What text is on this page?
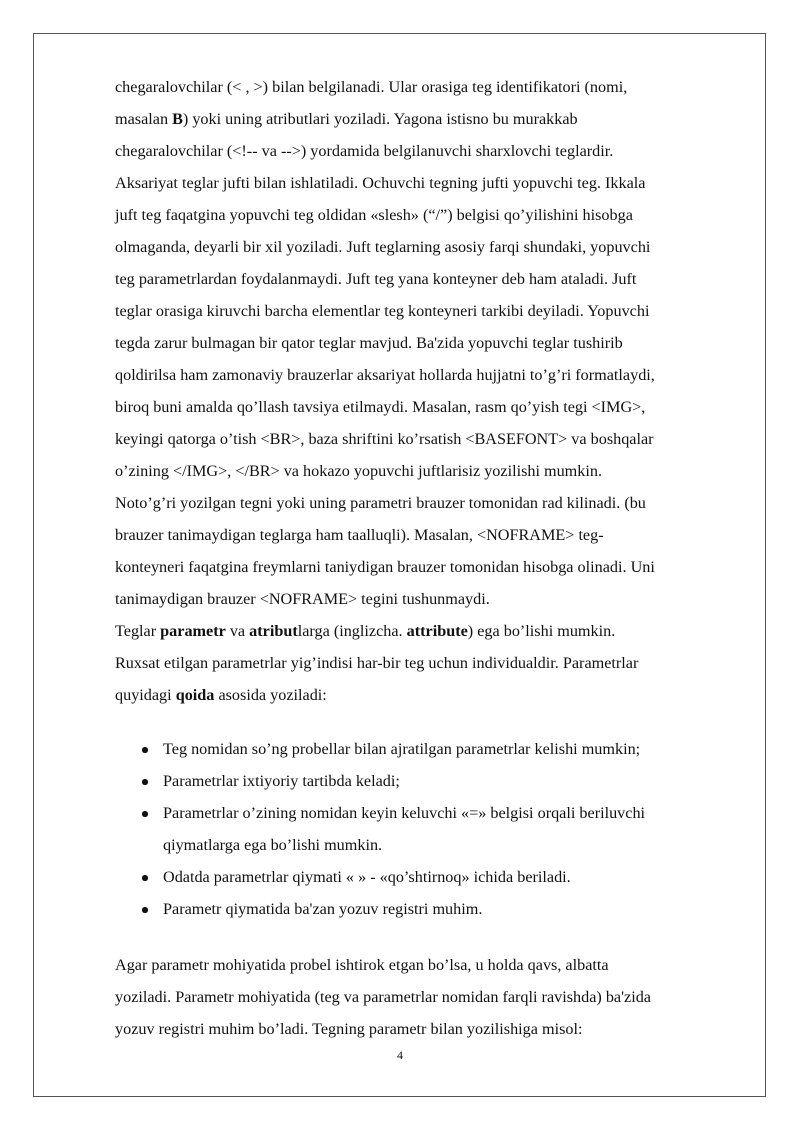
chegaralovchilar (< , >) bilan belgilanadi. Ular orasiga teg identifikatori (nomi,
masalan B) yoki uning atributlari yoziladi. Yagona istisno bu murakkab
chegaralovchilar (<!-- va -->) yordamida belgilanuvchi sharxlovchi teglardir.
Aksariyat teglar jufti bilan ishlatiladi. Ochuvchi tegning jufti yopuvchi teg. Ikkala
juft teg faqatgina yopuvchi teg oldidan «slesh» (“/”) belgisi qo’yilishini hisobga
olmaganda, deyarli bir xil yoziladi. Juft teglarning asosiy farqi shundaki, yopuvchi
teg parametrlardan foydalanmaydi. Juft teg yana konteyner deb ham ataladi. Juft
teglar orasiga kiruvchi barcha elementlar teg konteyneri tarkibi deyiladi. Yopuvchi
tegda zarur bulmagan bir qator teglar mavjud. Ba'zida yopuvchi teglar tushirib
qoldirilsa ham zamonaviy brauzerlar aksariyat hollarda hujjatni to’g’ri formatlaydi,
biroq buni amalda qo’llash tavsiya etilmaydi. Masalan, rasm qo’yish tegi <IMG>,
keyingi qatorga o’tish <BR>, baza shriftini ko’rsatish <BASEFONT> va boshqalar
o’zining </IMG>, </BR> va hokazo yopuvchi juftlarisiz yozilishi mumkin.
Noto’g’ri yozilgan tegni yoki uning parametri brauzer tomonidan rad kilinadi. (bu
brauzer tanimaydigan teglarga ham taalluqli). Masalan, <NOFRAME> teg-
konteyneri faqatgina freymlarni taniydigan brauzer tomonidan hisobga olinadi. Uni
tanimaydigan brauzer <NOFRAME> tegini tushunmaydi.

Teglar parametr va atributlarga (inglizcha. attribute) ega bo’lishi mumkin.
Ruxsat etilgan parametrlar yig’indisi har-bir teg uchun individualdir. Parametrlar
quyidagi qoida asosida yoziladi:

Teg nomidan so’ng probellar bilan ajratilgan parametrlar kelishi mumkin;
Parametrlar ixtiyoriy tartibda keladi;
Parametrlar o’zining nomidan keyin keluvchi «=» belgisi orqali beriluvchi
qiymatlarga ega bo’lishi mumkin.
Odatda parametrlar qiymati « » - «qo’shtirnoq» ichida beriladi.
Parametr qiymatida ba'zan yozuv registri muhim.

Agar parametr mohiyatida probel ishtirok etgan bo’lsa, u holda qavs, albatta
yoziladi. Parametr mohiyatida (teg va parametrlar nomidan farqli ravishda) ba'zida
yozuv registri muhim bo’ladi. Tegning parametr bilan yozilishiga misol:

4
